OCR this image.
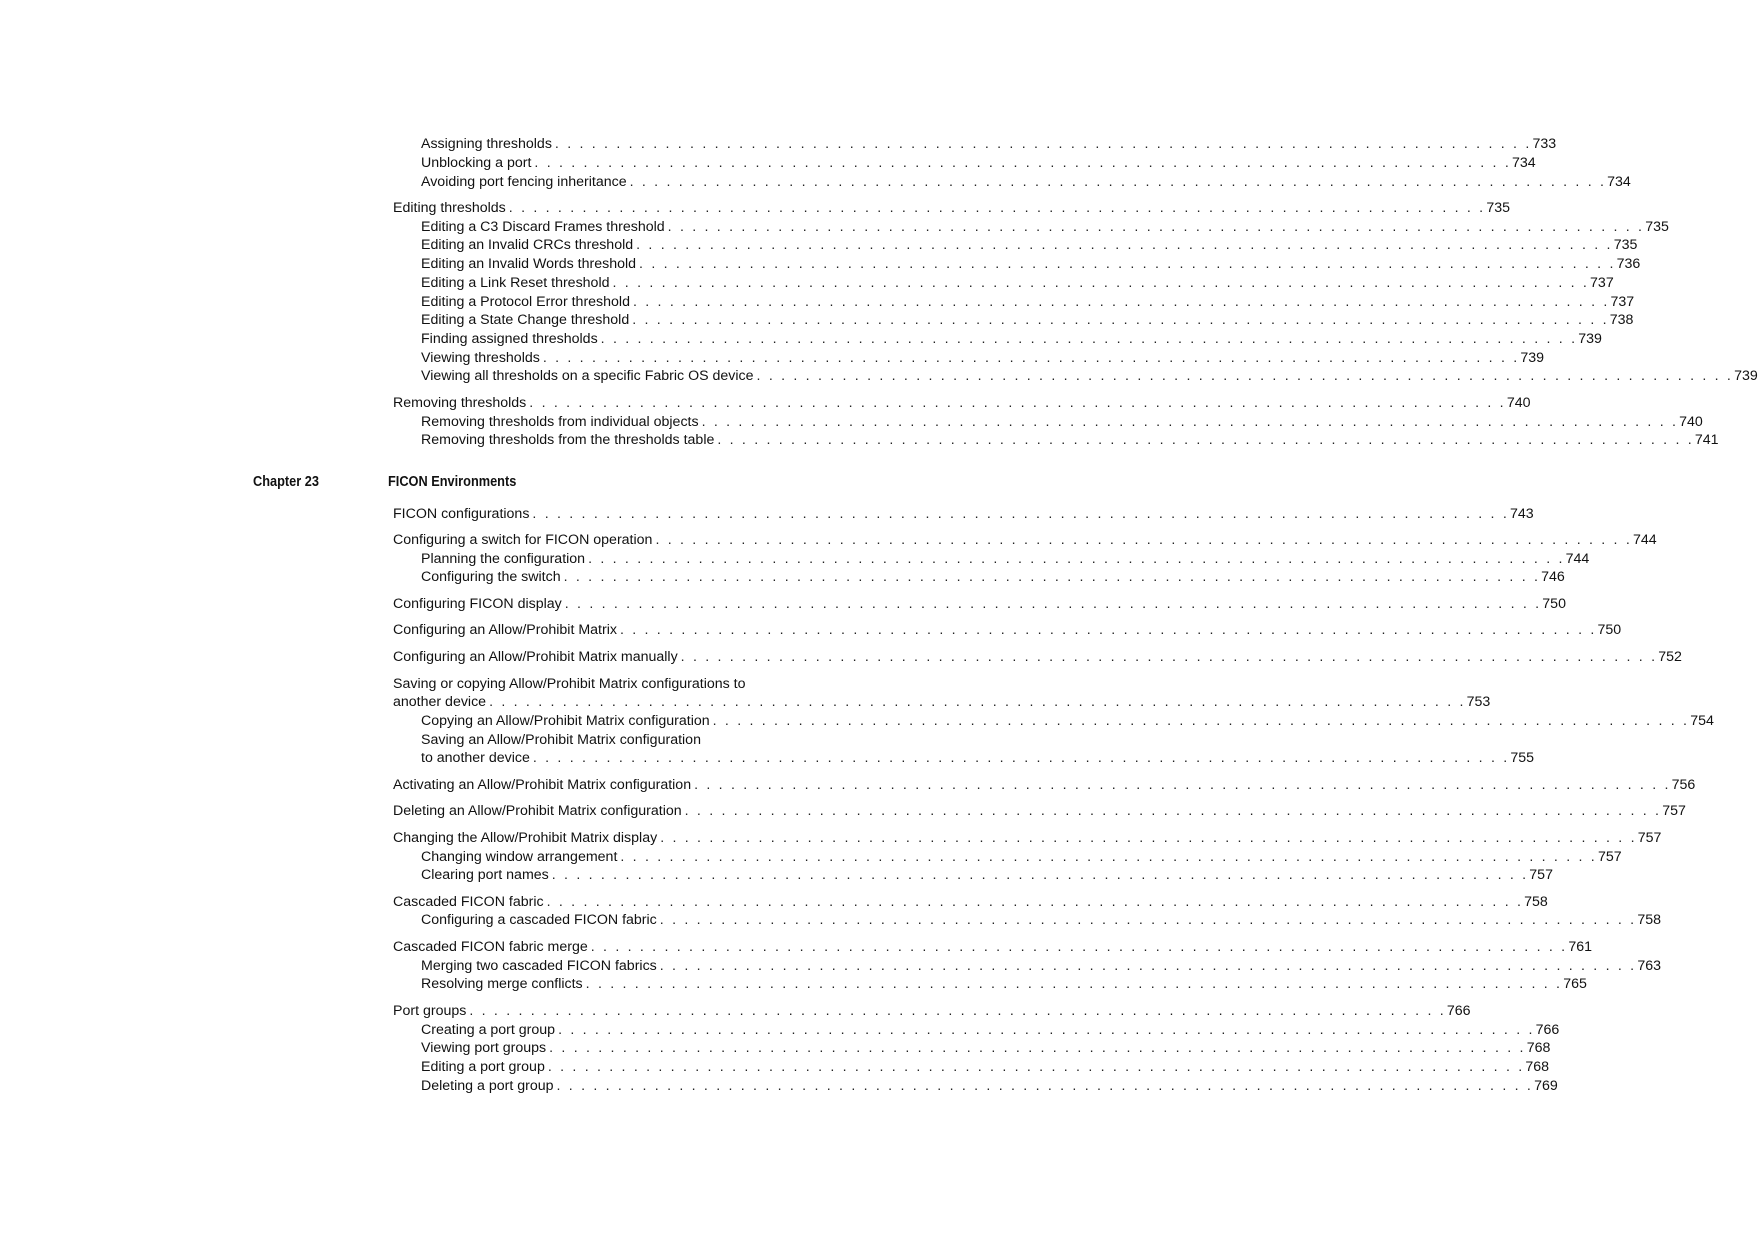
Assigning thresholds . . . . . . . . . . . . . . . . . . . . . . . . . . . . . . . . . . . . . . . . . . . . . . . . . . . . . . . . . . . . . . . . . . . . . . . . . . . . . . . . 733
Unblocking a port . . . . . . . . . . . . . . . . . . . . . . . . . . . . . . . . . . . . . . . . . . . . . . . . . . . . . . . . . . . . . . . . . . . . . . . . . . . . . . . . 734
Avoiding port fencing inheritance . . . . . . . . . . . . . . . . . . . . . . . . . . . . . . . . . . . . . . . . . . . . . . . . . . . . . . . . . . . . . . . . . . . . . . . . . . . . . . . . 734
Editing thresholds . . . . . . . . . . . . . . . . . . . . . . . . . . . . . . . . . . . . . . . . . . . . . . . . . . . . . . . . . . . . . . . . . . . . . . . . . . . . . . . . 735
Editing a C3 Discard Frames threshold . . . . . . . . . . . . . . . . . . . . . . . . . . . . . . . . . . . . . . . . . . . . . . . . . . . . . . . . . . . . . . . . . . . . . . . . . . . . . . . . 735
Editing an Invalid CRCs threshold . . . . . . . . . . . . . . . . . . . . . . . . . . . . . . . . . . . . . . . . . . . . . . . . . . . . . . . . . . . . . . . . . . . . . . . . . . . . . . . . 735
Editing an Invalid Words threshold . . . . . . . . . . . . . . . . . . . . . . . . . . . . . . . . . . . . . . . . . . . . . . . . . . . . . . . . . . . . . . . . . . . . . . . . . . . . . . . . 736
Editing a Link Reset threshold . . . . . . . . . . . . . . . . . . . . . . . . . . . . . . . . . . . . . . . . . . . . . . . . . . . . . . . . . . . . . . . . . . . . . . . . . . . . . . . . 737
Editing a Protocol Error threshold . . . . . . . . . . . . . . . . . . . . . . . . . . . . . . . . . . . . . . . . . . . . . . . . . . . . . . . . . . . . . . . . . . . . . . . . . . . . . . . . 737
Editing a State Change threshold . . . . . . . . . . . . . . . . . . . . . . . . . . . . . . . . . . . . . . . . . . . . . . . . . . . . . . . . . . . . . . . . . . . . . . . . . . . . . . . . 738
Finding assigned thresholds . . . . . . . . . . . . . . . . . . . . . . . . . . . . . . . . . . . . . . . . . . . . . . . . . . . . . . . . . . . . . . . . . . . . . . . . . . . . . . . . 739
Viewing thresholds . . . . . . . . . . . . . . . . . . . . . . . . . . . . . . . . . . . . . . . . . . . . . . . . . . . . . . . . . . . . . . . . . . . . . . . . . . . . . . . . 739
Viewing all thresholds on a specific Fabric OS device . . . . . . . . . . . . . . . . . . . . . . . . . . . . . . . . . . . . . . . . . . . . . . . . . . . . . . . . . . . . . . . . . . . . . . . . . . . . . . . . 739
Removing thresholds . . . . . . . . . . . . . . . . . . . . . . . . . . . . . . . . . . . . . . . . . . . . . . . . . . . . . . . . . . . . . . . . . . . . . . . . . . . . . . . . 740
Removing thresholds from individual objects . . . . . . . . . . . . . . . . . . . . . . . . . . . . . . . . . . . . . . . . . . . . . . . . . . . . . . . . . . . . . . . . . . . . . . . . . . . . . . . . 740
Removing thresholds from the thresholds table . . . . . . . . . . . . . . . . . . . . . . . . . . . . . . . . . . . . . . . . . . . . . . . . . . . . . . . . . . . . . . . . . . . . . . . . . . . . . . . . 741
Chapter 23	FICON Environments
FICON configurations . . . . . . . . . . . . . . . . . . . . . . . . . . . . . . . . . . . . . . . . . . . . . . . . . . . . . . . . . . . . . . . . . . . . . . . . . . . . . . . . 743
Configuring a switch for FICON operation . . . . . . . . . . . . . . . . . . . . . . . . . . . . . . . . . . . . . . . . . . . . . . . . . . . . . . . . . . . . . . . . . . . . . . . . . . . . . . . . 744
Planning the configuration . . . . . . . . . . . . . . . . . . . . . . . . . . . . . . . . . . . . . . . . . . . . . . . . . . . . . . . . . . . . . . . . . . . . . . . . . . . . . . . . 744
Configuring the switch . . . . . . . . . . . . . . . . . . . . . . . . . . . . . . . . . . . . . . . . . . . . . . . . . . . . . . . . . . . . . . . . . . . . . . . . . . . . . . . . 746
Configuring FICON display . . . . . . . . . . . . . . . . . . . . . . . . . . . . . . . . . . . . . . . . . . . . . . . . . . . . . . . . . . . . . . . . . . . . . . . . . . . . . . . . 750
Configuring an Allow/Prohibit Matrix . . . . . . . . . . . . . . . . . . . . . . . . . . . . . . . . . . . . . . . . . . . . . . . . . . . . . . . . . . . . . . . . . . . . . . . . . . . . . . . . 750
Configuring an Allow/Prohibit Matrix manually . . . . . . . . . . . . . . . . . . . . . . . . . . . . . . . . . . . . . . . . . . . . . . . . . . . . . . . . . . . . . . . . . . . . . . . . . . . . . . . . 752
Saving or copying Allow/Prohibit Matrix configurations to
another device . . . . . . . . . . . . . . . . . . . . . . . . . . . . . . . . . . . . . . . . . . . . . . . . . . . . . . . . . . . . . . . . . . . . . . . . . . . . . . . . 753
Copying an Allow/Prohibit Matrix configuration . . . . . . . . . . . . . . . . . . . . . . . . . . . . . . . . . . . . . . . . . . . . . . . . . . . . . . . . . . . . . . . . . . . . . . . . . . . . . . . . 754
Saving an Allow/Prohibit Matrix configuration
to another device . . . . . . . . . . . . . . . . . . . . . . . . . . . . . . . . . . . . . . . . . . . . . . . . . . . . . . . . . . . . . . . . . . . . . . . . . . . . . . . . 755
Activating an Allow/Prohibit Matrix configuration . . . . . . . . . . . . . . . . . . . . . . . . . . . . . . . . . . . . . . . . . . . . . . . . . . . . . . . . . . . . . . . . . . . . . . . . . . . . . . . . 756
Deleting an Allow/Prohibit Matrix configuration . . . . . . . . . . . . . . . . . . . . . . . . . . . . . . . . . . . . . . . . . . . . . . . . . . . . . . . . . . . . . . . . . . . . . . . . . . . . . . . . 757
Changing the Allow/Prohibit Matrix display . . . . . . . . . . . . . . . . . . . . . . . . . . . . . . . . . . . . . . . . . . . . . . . . . . . . . . . . . . . . . . . . . . . . . . . . . . . . . . . . 757
Changing window arrangement . . . . . . . . . . . . . . . . . . . . . . . . . . . . . . . . . . . . . . . . . . . . . . . . . . . . . . . . . . . . . . . . . . . . . . . . . . . . . . . . 757
Clearing port names . . . . . . . . . . . . . . . . . . . . . . . . . . . . . . . . . . . . . . . . . . . . . . . . . . . . . . . . . . . . . . . . . . . . . . . . . . . . . . . . 757
Cascaded FICON fabric . . . . . . . . . . . . . . . . . . . . . . . . . . . . . . . . . . . . . . . . . . . . . . . . . . . . . . . . . . . . . . . . . . . . . . . . . . . . . . . . 758
Configuring a cascaded FICON fabric . . . . . . . . . . . . . . . . . . . . . . . . . . . . . . . . . . . . . . . . . . . . . . . . . . . . . . . . . . . . . . . . . . . . . . . . . . . . . . . . 758
Cascaded FICON fabric merge . . . . . . . . . . . . . . . . . . . . . . . . . . . . . . . . . . . . . . . . . . . . . . . . . . . . . . . . . . . . . . . . . . . . . . . . . . . . . . . . 761
Merging two cascaded FICON fabrics . . . . . . . . . . . . . . . . . . . . . . . . . . . . . . . . . . . . . . . . . . . . . . . . . . . . . . . . . . . . . . . . . . . . . . . . . . . . . . . . 763
Resolving merge conflicts . . . . . . . . . . . . . . . . . . . . . . . . . . . . . . . . . . . . . . . . . . . . . . . . . . . . . . . . . . . . . . . . . . . . . . . . . . . . . . . . 765
Port groups . . . . . . . . . . . . . . . . . . . . . . . . . . . . . . . . . . . . . . . . . . . . . . . . . . . . . . . . . . . . . . . . . . . . . . . . . . . . . . . . 766
Creating a port group . . . . . . . . . . . . . . . . . . . . . . . . . . . . . . . . . . . . . . . . . . . . . . . . . . . . . . . . . . . . . . . . . . . . . . . . . . . . . . . . 766
Viewing port groups . . . . . . . . . . . . . . . . . . . . . . . . . . . . . . . . . . . . . . . . . . . . . . . . . . . . . . . . . . . . . . . . . . . . . . . . . . . . . . . . 768
Editing a port group . . . . . . . . . . . . . . . . . . . . . . . . . . . . . . . . . . . . . . . . . . . . . . . . . . . . . . . . . . . . . . . . . . . . . . . . . . . . . . . . 768
Deleting a port group . . . . . . . . . . . . . . . . . . . . . . . . . . . . . . . . . . . . . . . . . . . . . . . . . . . . . . . . . . . . . . . . . . . . . . . . . . . . . . . . 769
